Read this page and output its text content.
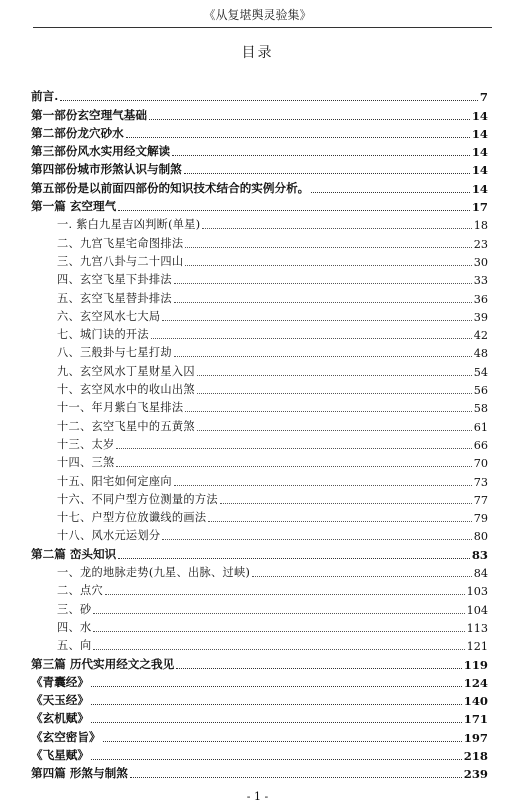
《从复堪舆灵验集》
目录
前言.	7
第一部份玄空理气基础	14
第二部份龙穴砂水	14
第三部份风水实用经文解读	14
第四部份城市形煞认识与制煞	14
第五部份是以前面四部份的知识技术结合的实例分析。	14
第一篇 玄空理气	17
一. 紫白九星吉凶判断(单星)	18
二、九宫飞星宅命图排法	23
三、九宫八卦与二十四山	30
四、玄空飞星下卦排法	33
五、玄空飞星替卦排法	36
六、玄空风水七大局	39
七、城门诀的开法	42
八、三般卦与七星打劫	48
九、玄空风水丁星财星入囚	54
十、玄空风水中的收山出煞	56
十一、年月紫白飞星排法	58
十二、玄空飞星中的五黄煞	61
十三、太岁	66
十四、三煞	70
十五、阳宅如何定座向	73
十六、不同户型方位测量的方法	77
十七、户型方位放谶线的画法	79
十八、风水元运划分	80
第二篇 峦头知识	83
一、龙的地脉走势(九星、出脉、过峡)	84
二、点穴	103
三、砂	104
四、水	113
五、向	121
第三篇 历代实用经文之我见	119
《青囊经》	124
《天玉经》	140
《玄机赋》	171
《玄空密旨》	197
《飞星赋》	218
第四篇 形煞与制煞	239
- 1 -
